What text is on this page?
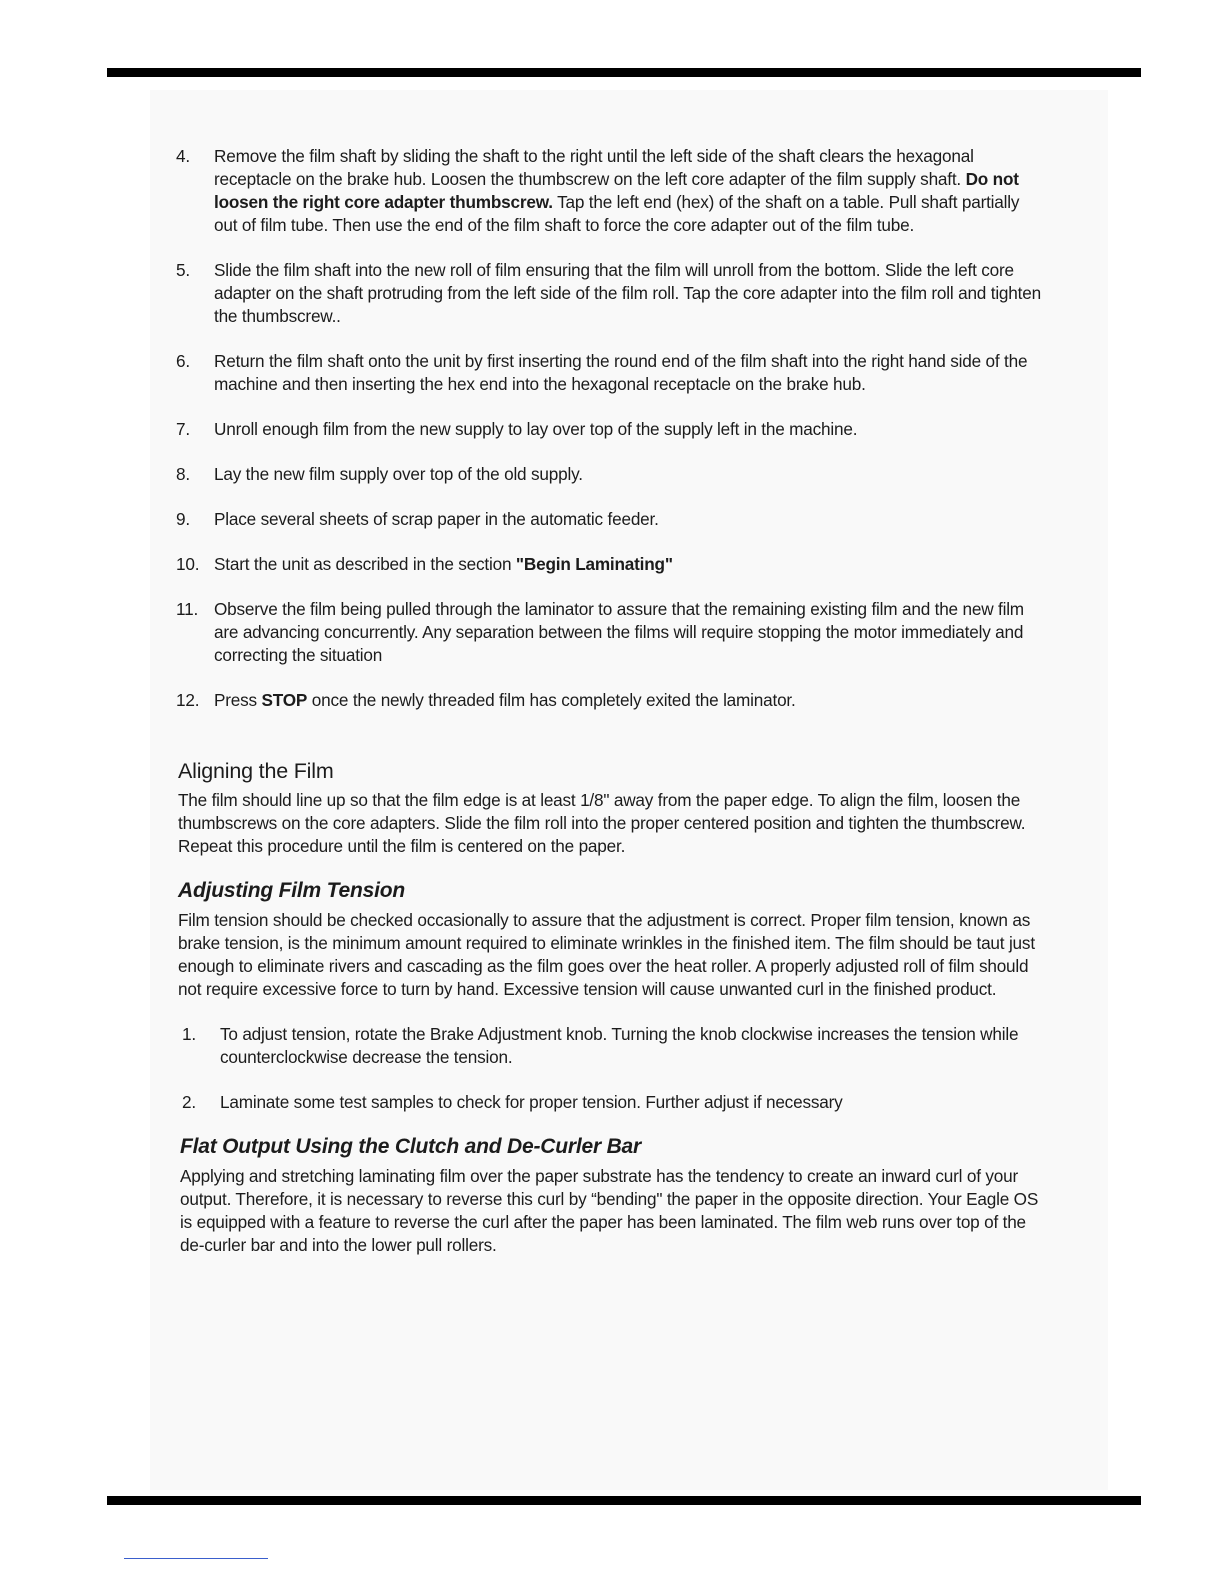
4.	Remove the film shaft by sliding the shaft to the right until the left side of the shaft clears the hexagonal receptacle on the brake hub. Loosen the thumbscrew on the left core adapter of the film supply shaft. Do not loosen the right core adapter thumbscrew. Tap the left end (hex) of the shaft on a table. Pull shaft partially out of film tube. Then use the end of the film shaft to force the core adapter out of the film tube.
5.	Slide the film shaft into the new roll of film ensuring that the film will unroll from the bottom. Slide the left core adapter on the shaft protruding from the left side of the film roll. Tap the core adapter into the film roll and tighten the thumbscrew..
6.	Return the film shaft onto the unit by first inserting the round end of the film shaft into the right hand side of the machine and then inserting the hex end into the hexagonal receptacle on the brake hub.
7.	Unroll enough film from the new supply to lay over top of the supply left in the machine.
8.	Lay the new film supply over top of the old supply.
9.	Place several sheets of scrap paper in the automatic feeder.
10. Start the unit as described in the section "Begin Laminating"
11. Observe the film being pulled through the laminator to assure that the remaining existing film and the new film are advancing concurrently. Any separation between the films will require stopping the motor immediately and correcting the situation
12. Press STOP once the newly threaded film has completely exited the laminator.
Aligning the Film
The film should line up so that the film edge is at least 1/8" away from the paper edge. To align the film, loosen the thumbscrews on the core adapters. Slide the film roll into the proper centered position and tighten the thumbscrew. Repeat this procedure until the film is centered on the paper.
Adjusting Film Tension
Film tension should be checked occasionally to assure that the adjustment is correct. Proper film tension, known as brake tension, is the minimum amount required to eliminate wrinkles in the finished item. The film should be taut just enough to eliminate rivers and cascading as the film goes over the heat roller. A properly adjusted roll of film should not require excessive force to turn by hand. Excessive tension will cause unwanted curl in the finished product.
1.	To adjust tension, rotate the Brake Adjustment knob. Turning the knob clockwise increases the tension while counterclockwise decrease the tension.
2.	Laminate some test samples to check for proper tension. Further adjust if necessary
Flat Output Using the Clutch and De-Curler Bar
Applying and stretching laminating film over the paper substrate has the tendency to create an inward curl of your output. Therefore, it is necessary to reverse this curl by “bending" the paper in the opposite direction. Your Eagle OS is equipped with a feature to reverse the curl after the paper has been laminated. The film web runs over top of the de-curler bar and into the lower pull rollers.
